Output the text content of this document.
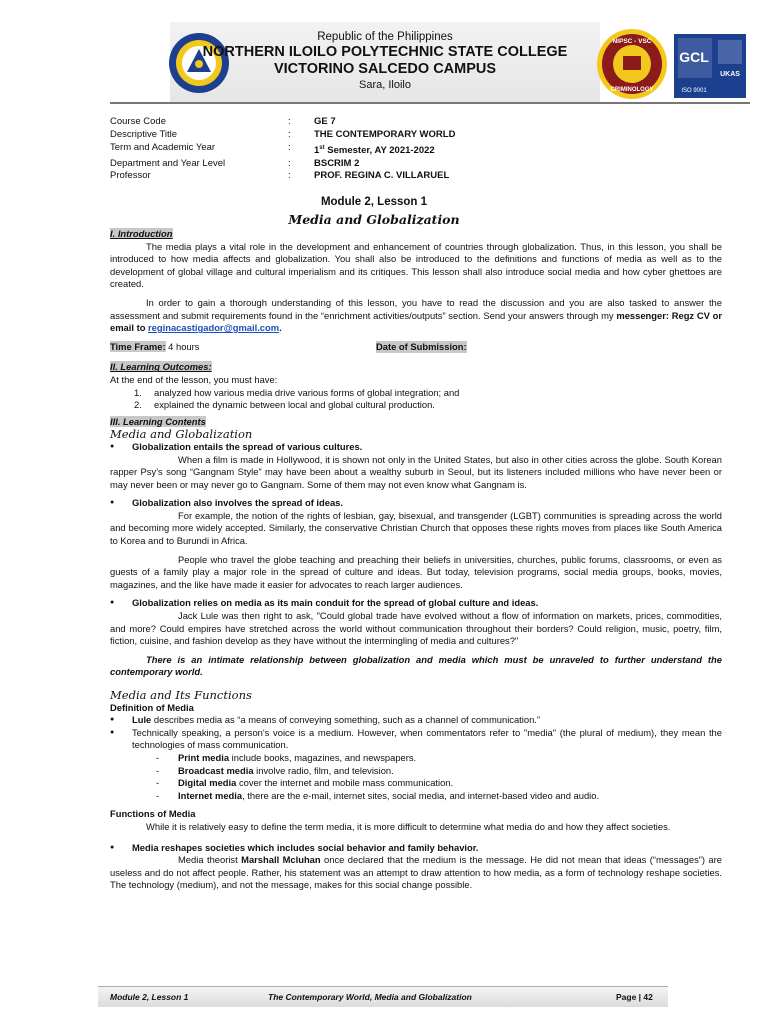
Republic of the Philippines
NORTHERN ILOILO POLYTECHNIC STATE COLLEGE
VICTORINO SALCEDO CAMPUS
Sara, Iloilo
NIPSC - VSC
CRIMINOLOGY
GCL
UKAS
ISO 9001
Course Code	:	GE 7
Descriptive Title	:	THE CONTEMPORARY WORLD
Term and Academic Year	:	1st Semester, AY 2021-2022
Department and Year Level	:	BSCRIM 2
Professor	:	PROF. REGINA C. VILLARUEL
Module 2, Lesson 1
Media and Globalization

I. Introduction

The media plays a vital role in the development and enhancement of countries through globalization. Thus, in this lesson, you shall be introduced to how media affects and globalization. You shall also be introduced to the definitions and functions of media as well as to the development of global village and cultural imperialism and its critiques. This lesson shall also introduce social media and how cyber ghettoes are created.

In order to gain a thorough understanding of this lesson, you have to read the discussion and you are also tasked to answer the assessment and submit requirements found in the “enrichment activities/outputs” section. Send your answers through my messenger: Regz CV or email to reginacastigador@gmail.com.

Time Frame: 4 hours	Date of Submission:

II. Learning Outcomes:

At the end of the lesson, you must have:

1. analyzed how various media drive various forms of global integration; and
2. explained the dynamic between local and global cultural production.

III. Learning Contents

Media and Globalization

● Globalization entails the spread of various cultures.

When a film is made in Hollywood, it is shown not only in the United States, but also in other cities across the globe. South Korean rapper Psy’s song “Gangnam Style” may have been about a wealthy suburb in Seoul, but its listeners included millions who have never been or may never been or may never go to Gangnam. Some of them may not even know what Gangnam is.

● Globalization also involves the spread of ideas.

For example, the notion of the rights of lesbian, gay, bisexual, and transgender (LGBT) communities is spreading across the world and becoming more widely accepted. Similarly, the conservative Christian Church that opposes these rights moves from places like South America to Korea and to Burundi in Africa.

People who travel the globe teaching and preaching their beliefs in universities, churches, public forums, classrooms, or even as guests of a family play a major role in the spread of culture and ideas. But today, television programs, social media groups, books, movies, magazines, and the like have made it easier for advocates to reach larger audiences.

● Globalization relies on media as its main conduit for the spread of global culture and ideas.

Jack Lule was then right to ask, "Could global trade have evolved without a flow of information on markets, prices, commodities, and more? Could empires have stretched across the world without communication throughout their borders? Could religion, music, poetry, film, fiction, cuisine, and fashion develop as they have without the intermingling of media and cultures?"

There is an intimate relationship between globalization and media which must be unraveled to further understand the contemporary world.

Media and Its Functions

Definition of Media

● Lule describes media as “a means of conveying something, such as a channel of communication.”
● Technically speaking, a person's voice is a medium. However, when commentators refer to "media" (the plural of medium), they mean the technologies of mass communication.
- Print media include books, magazines, and newspapers.
- Broadcast media involve radio, film, and television.
- Digital media cover the internet and mobile mass communication.
- Internet media, there are the e-mail, internet sites, social media, and internet-based video and audio.

Functions of Media

While it is relatively easy to define the term media, it is more difficult to determine what media do and how they affect societies.

● Media reshapes societies which includes social behavior and family behavior.

Media theorist Marshall Mcluhan once declared that the medium is the message. He did not mean that ideas (“messages”) are useless and do not affect people. Rather, his statement was an attempt to draw attention to how media, as a form of technology reshape societies. The technology (medium), and not the message, makes for this social change possible.

Module 2, Lesson 1	The Contemporary World, Media and Globalization	Page | 42
